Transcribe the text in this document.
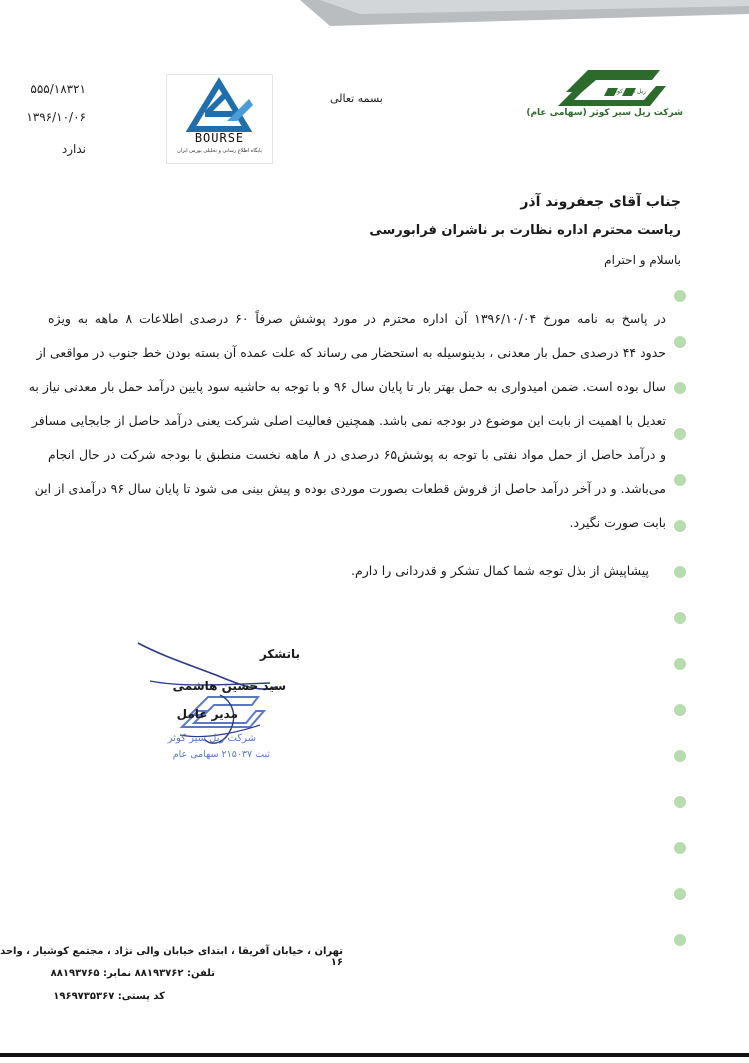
ریل سیر کوثر
شرکت ریل سیر کوثر (سهامی عام)
BOURSE
پایگاه اطلاع رسانی و تحلیلی بورس ایران
۵۵۵/۱۸۳۲۱
۱۳۹۶/۱۰/۰۶
ندارد
بسمه تعالی
جناب آقای جعفروند آذر
ریاست محترم اداره نظارت بر ناشران فرابورسی
باسلام و احترام
در پاسخ به نامه مورخ ۱۳۹۶/۱۰/۰۴ آن اداره محترم در مورد پوشش صرفاً ۶۰ درصدی اطلاعات ۸ ماهه به ویژه
حدود ۴۴ درصدی حمل بار معدنی ، بدینوسیله به استحضار می رساند که علت عمده آن بسته بودن خط جنوب در مواقعی از
سال بوده است. ضمن امیدواری به حمل بهتر بار تا پایان سال ۹۶ و با توجه به حاشیه سود پایین درآمد حمل بار معدنی نیاز به
تعدیل با اهمیت از بابت این موضوع در بودجه نمی باشد. همچنین فعالیت اصلی شرکت یعنی درآمد حاصل از جابجایی مسافر
و درآمد حاصل از حمل مواد نفتی با توجه به پوشش۶۵ درصدی در ۸ ماهه نخست منطبق با بودجه شرکت در حال انجام
می‌باشد. و در آخر درآمد حاصل از فروش قطعات بصورت موردی بوده و پیش بینی می شود تا پایان سال ۹۶ درآمدی از این
بابت صورت نگیرد.
پیشاپیش از بذل توجه شما کمال تشکر و قدردانی را دارم.
باتشکر
سید حسین هاشمی
مدیر عامل
شرکت ریل سیر کوثر
ثبت ۲۱۵۰۳۷ سهامی عام
تهران ، خیابان آفریقا ، ابتدای خیابان والی نژاد ، مجتمع کوشیار ، واحد ۱۶
تلفن: ۸۸۱۹۳۷۶۲ نمابر: ۸۸۱۹۳۷۶۵
کد پستی: ۱۹۶۹۷۳۵۳۶۷
